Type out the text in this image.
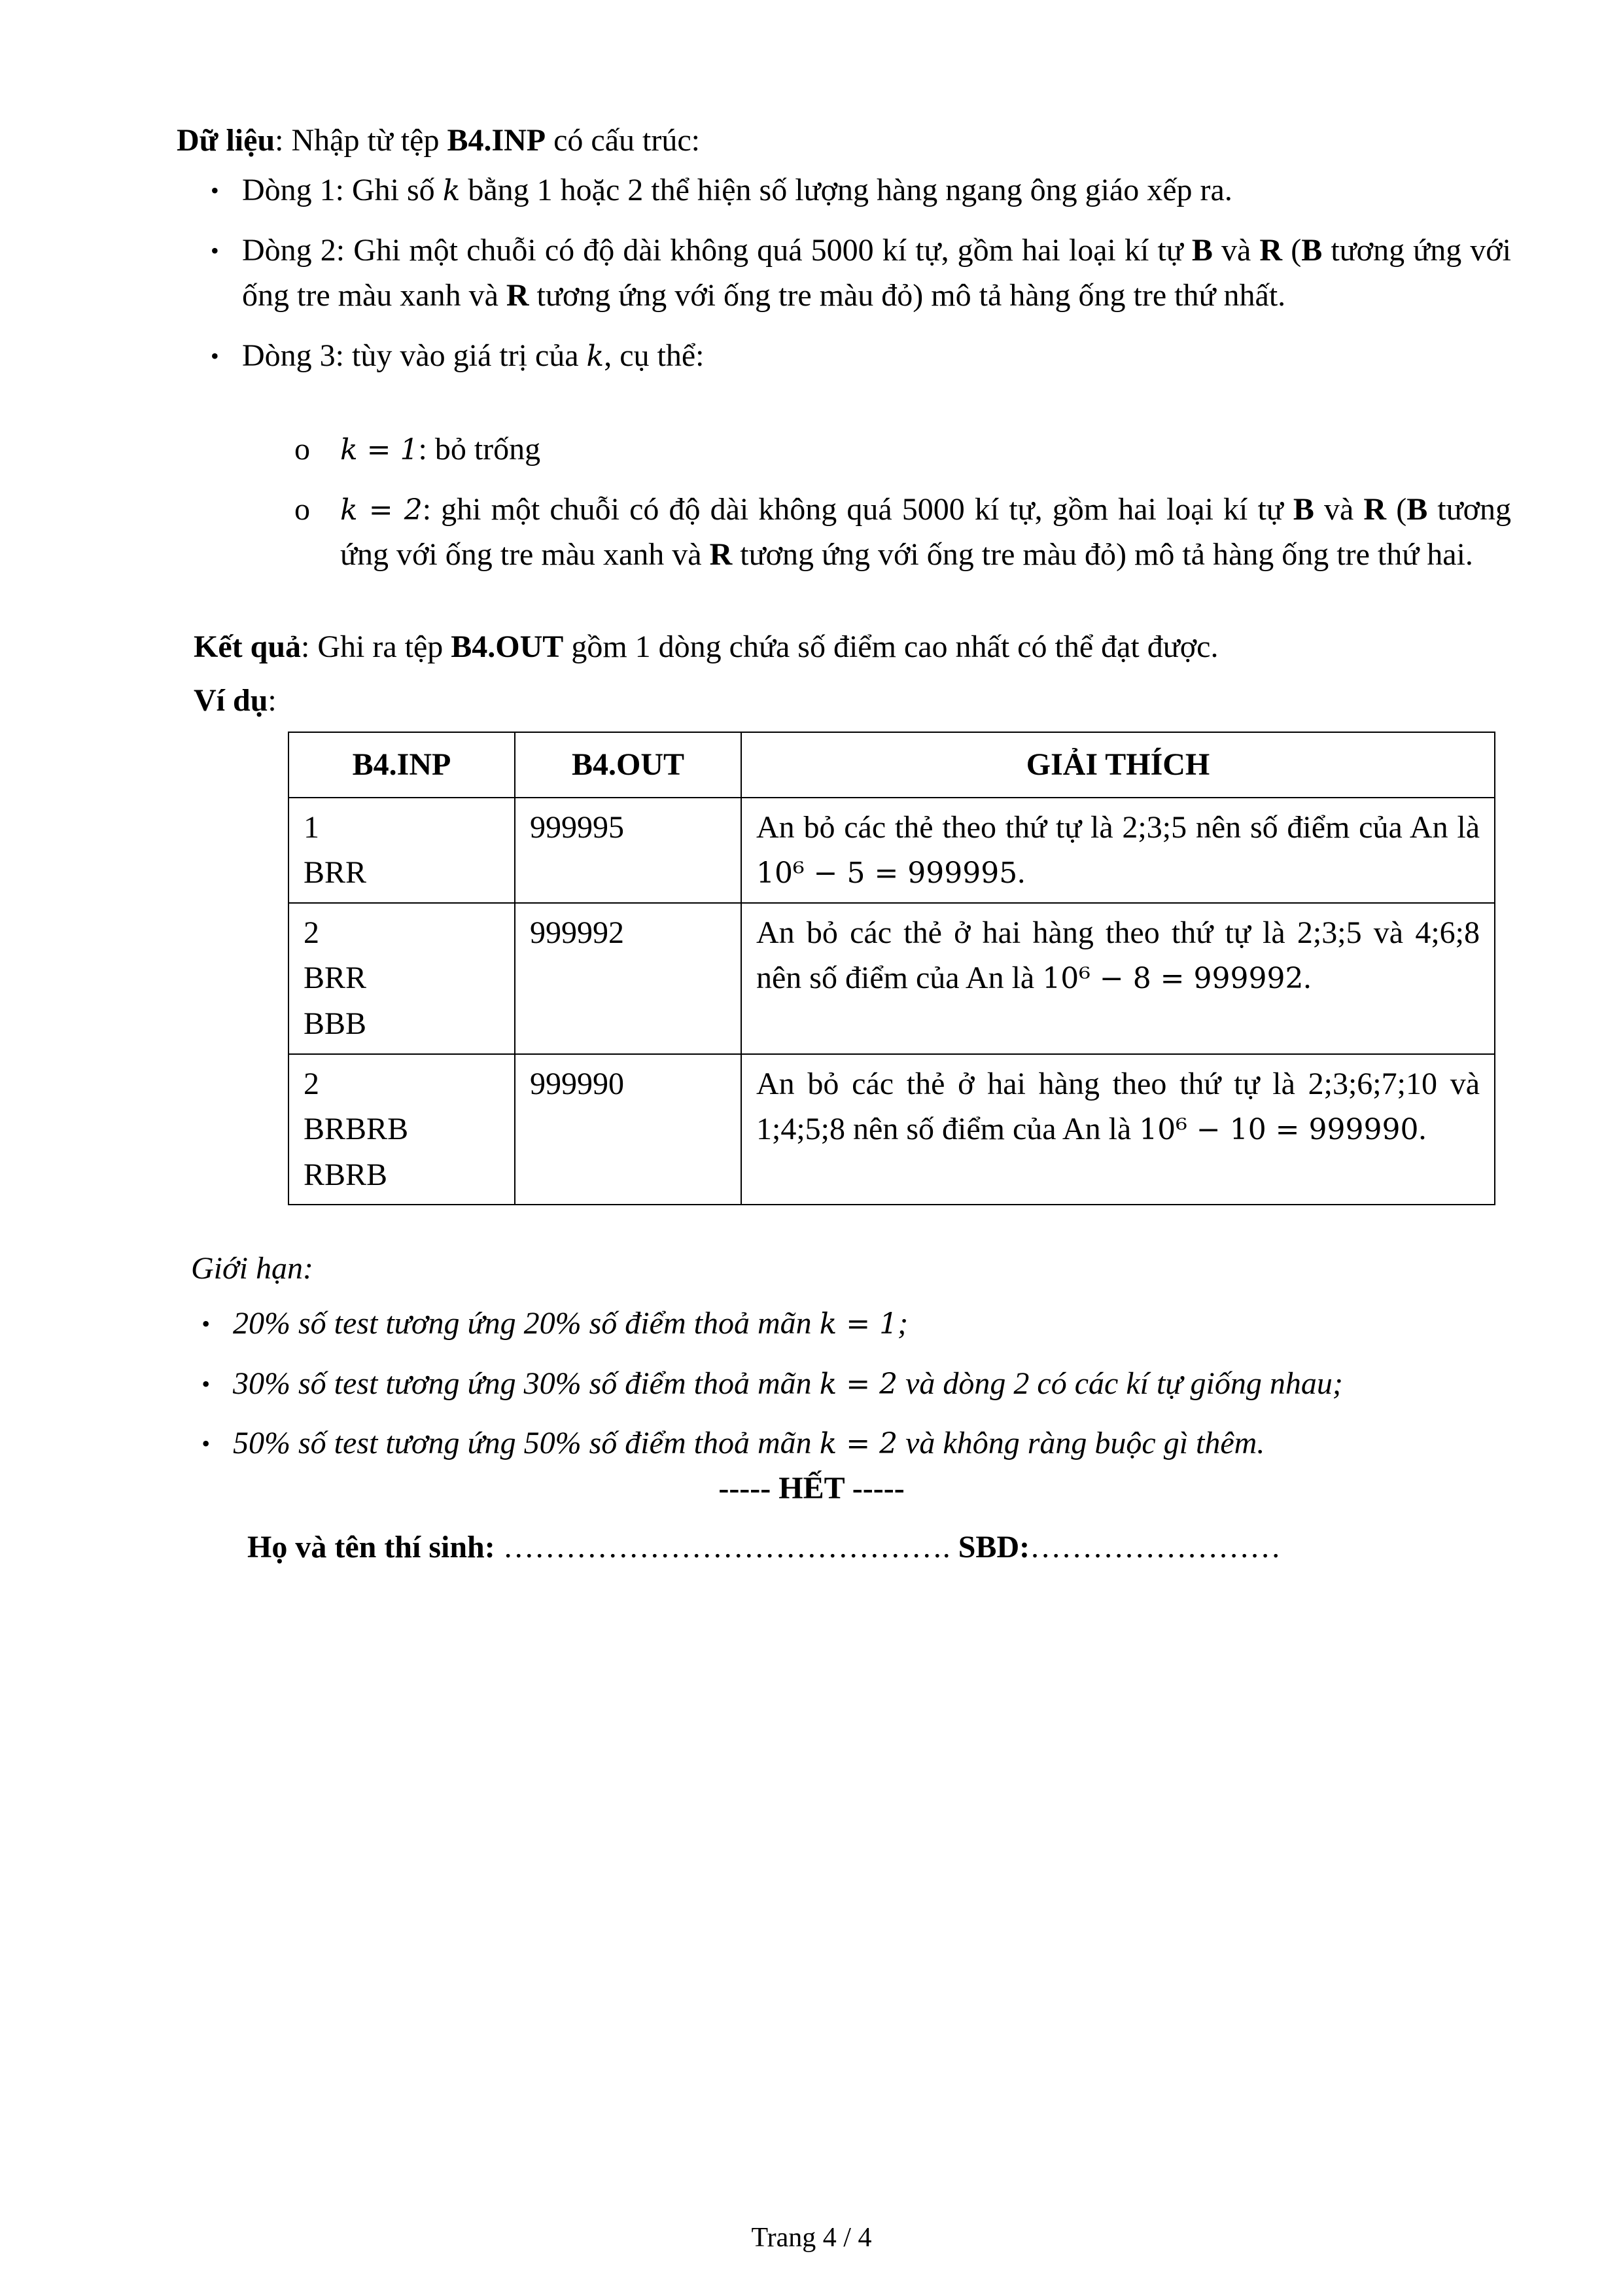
Dữ liệu: Nhập từ tệp B4.INP có cấu trúc:

• Dòng 1: Ghi số k bằng 1 hoặc 2 thể hiện số lượng hàng ngang ông giáo xếp ra.
• Dòng 2: Ghi một chuỗi có độ dài không quá 5000 kí tự, gồm hai loại kí tự B và R (B tương ứng với ống tre màu xanh và R tương ứng với ống tre màu đỏ) mô tả hàng ống tre thứ nhất.
• Dòng 3: tùy vào giá trị của k, cụ thể:
o k = 1: bỏ trống
o k = 2: ghi một chuỗi có độ dài không quá 5000 kí tự, gồm hai loại kí tự B và R (B tương ứng với ống tre màu xanh và R tương ứng với ống tre màu đỏ) mô tả hàng ống tre thứ hai.

Kết quả: Ghi ra tệp B4.OUT gồm 1 dòng chứa số điểm cao nhất có thể đạt được.

Ví dụ:

B4.INP	B4.OUT	GIẢI THÍCH

1
BRR	999995	An bỏ các thẻ theo thứ tự là 2;3;5 nên số điểm của An là 10⁶ − 5 = 999995.

2
BRR
BBB	999992	An bỏ các thẻ ở hai hàng theo thứ tự là 2;3;5 và 4;6;8 nên số điểm của An là 10⁶ − 8 = 999992.

2
BRBRB
RBRB	999990	An bỏ các thẻ ở hai hàng theo thứ tự là 2;3;6;7;10 và 1;4;5;8 nên số điểm của An là 10⁶ − 10 = 999990.

Giới hạn:

• 20% số test tương ứng 20% số điểm thoả mãn k = 1;
• 30% số test tương ứng 30% số điểm thoả mãn k = 2 và dòng 2 có các kí tự giống nhau;
• 50% số test tương ứng 50% số điểm thoả mãn k = 2 và không ràng buộc gì thêm.

----- HẾT -----

Họ và tên thí sinh: ……………………………………. SBD:……………………

Trang 4 / 4
